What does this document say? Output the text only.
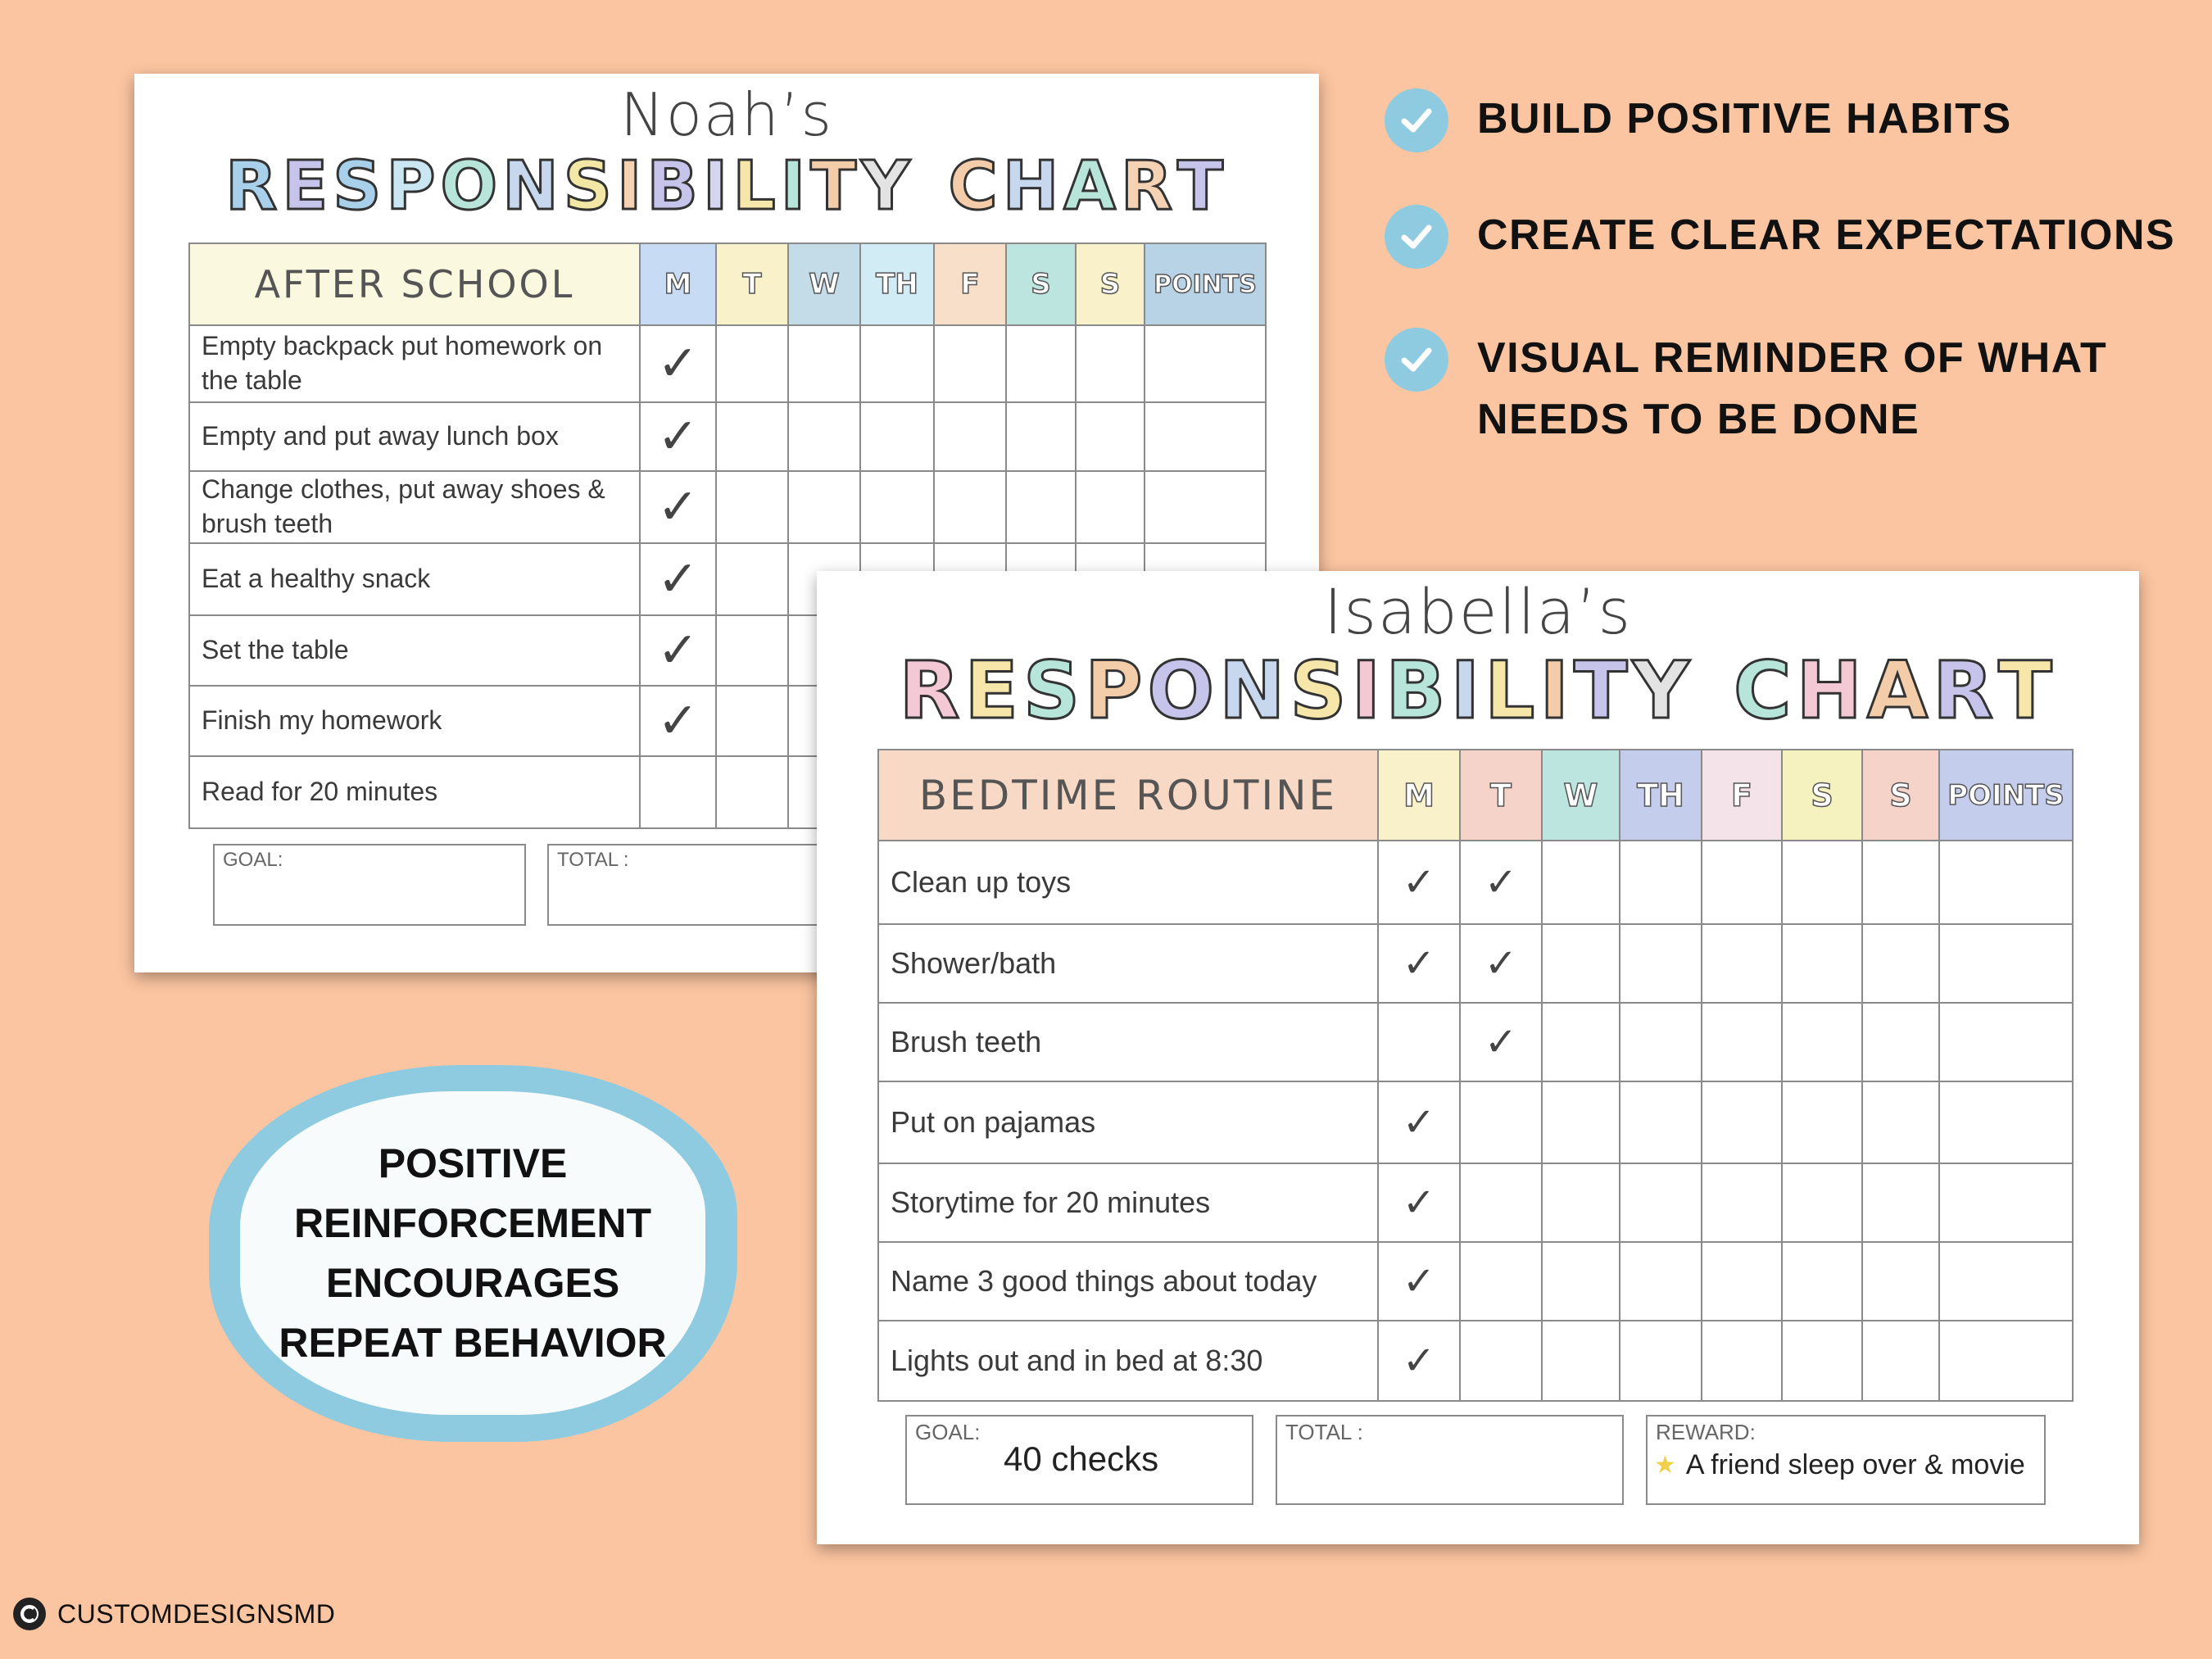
BUILD POSITIVE HABITS
CREATE CLEAR EXPECTATIONS
VISUAL REMINDER OF WHAT NEEDS TO BE DONE
Noah’s
RESPONSIBILITY CHART
AFTER SCHOOL	M	T	W	TH	F	S	S	POINTS
Empty backpack put homework on the table	✓							
Empty and put away lunch box	✓							
Change clothes, put away shoes & brush teeth	✓							
Eat a healthy snack	✓							
Set the table	✓							
Finish my homework	✓							
Read for 20 minutes								
GOAL:	TOTAL :
Isabella’s
RESPONSIBILITY CHART
BEDTIME ROUTINE	M	T	W	TH	F	S	S	POINTS
Clean up toys	✓	✓						
Shower/bath	✓	✓						
Brush teeth		✓						
Put on pajamas	✓							
Storytime for 20 minutes	✓							
Name 3 good things about today	✓							
Lights out and in bed at 8:30	✓							
GOAL:
40 checks
TOTAL :	REWARD:
★ A friend sleep over & movie
POSITIVE REINFORCEMENT ENCOURAGES REPEAT BEHAVIOR
CUSTOMDESIGNSMD
